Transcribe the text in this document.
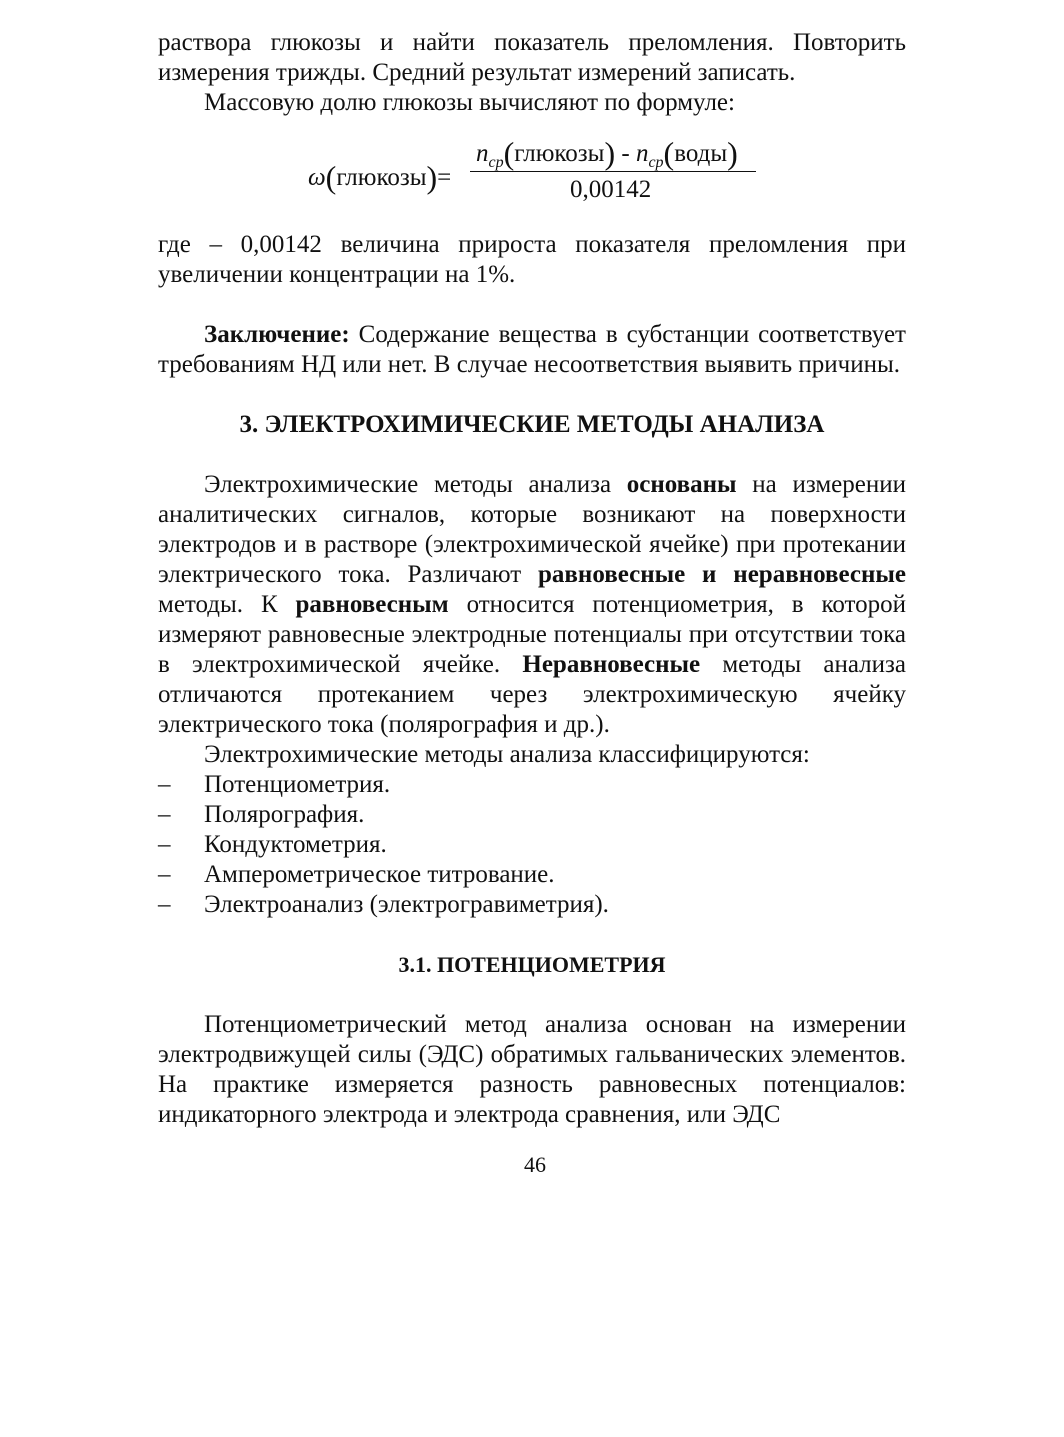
раствора глюкозы и найти показатель преломления. Повторить измерения трижды. Средний результат измерений записать.

Массовую долю глюкозы вычисляют по формуле:

ω(глюкозы)=
$n_{ср}(глюкозы)$ - $n_{ср}(воды)$
0,00142

где – 0,00142 величина прироста показателя преломления при увеличении концентрации на 1%.

Заключение: Содержание вещества в субстанции соответствует требованиям НД или нет. В случае несоответствия выявить причины.

3. ЭЛЕКТРОХИМИЧЕСКИЕ МЕТОДЫ АНАЛИЗА

Электрохимические методы анализа основаны на измерении аналитических сигналов, которые возникают на поверхности электродов и в растворе (электрохимической ячейке) при протекании электрического тока. Различают равновесные и неравновесные методы. К равновесным относится потенциометрия, в которой измеряют равновесные электродные потенциалы при отсутствии тока в электрохимической ячейке. Неравновесные методы анализа отличаются протеканием через электрохимическую ячейку электрического тока (полярография и др.).

Электрохимические методы анализа классифицируются:

– Потенциометрия.
– Полярография.
– Кондуктометрия.
– Амперометрическое титрование.
– Электроанализ (электрогравиметрия).
3.1. ПОТЕНЦИОМЕТРИЯ

Потенциометрический метод анализа основан на измерении электродвижущей силы (ЭДС) обратимых гальванических элементов. На практике измеряется разность равновесных потенциалов: индикаторного электрода и электрода сравнения, или ЭДС

46
